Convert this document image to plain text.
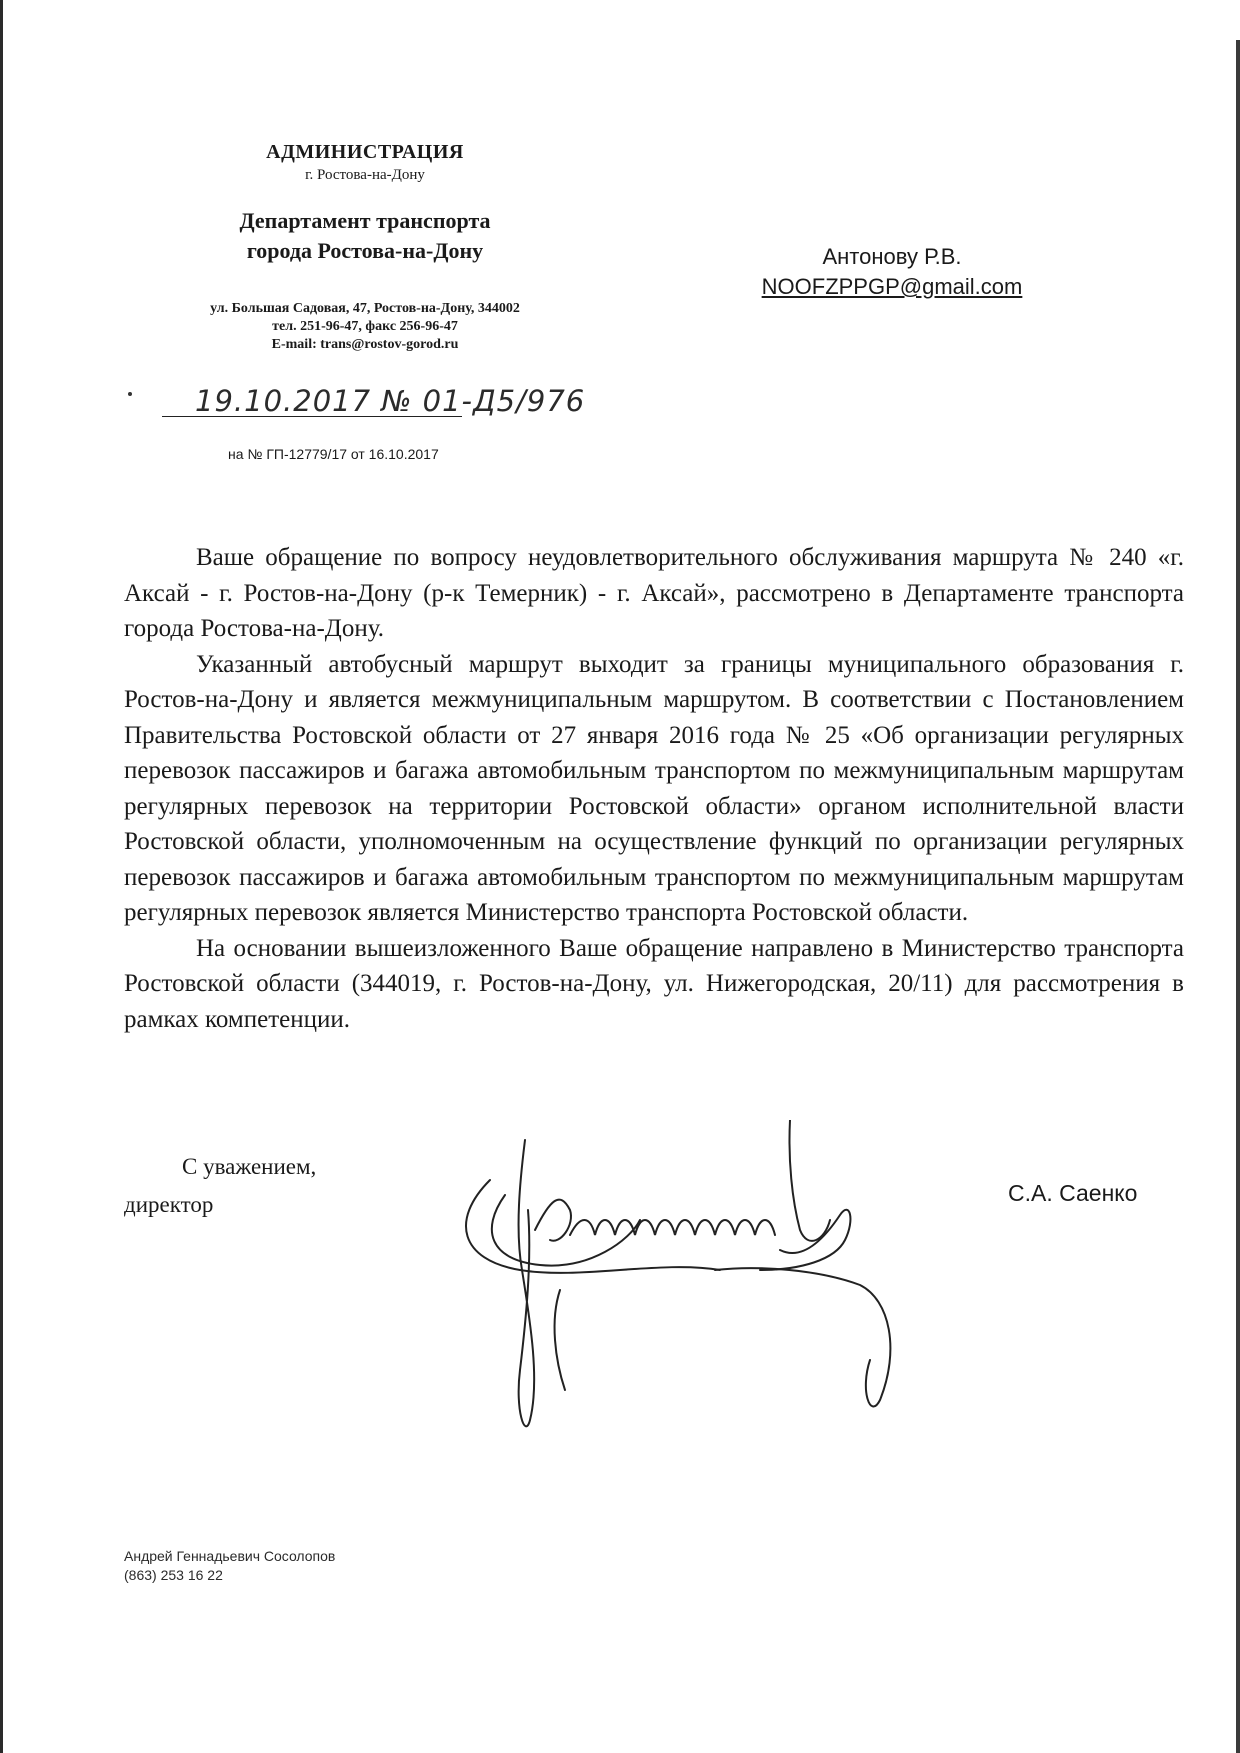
АДМИНИСТРАЦИЯ
г. Ростова-на-Дону
Департамент транспорта
города Ростова-на-Дону
ул. Большая Садовая, 47, Ростов-на-Дону, 344002
тел. 251-96-47, факс 256-96-47
E-mail: trans@rostov-gorod.ru
19.10.2017 № 01-Д5/976
на № ГП-12779/17 от 16.10.2017
Антонову Р.В.
NOOFZPPGP@gmail.com

Ваше обращение по вопросу неудовлетворительного обслуживания маршрута № 240 «г. Аксай - г. Ростов-на-Дону (р-к Темерник) - г. Аксай», рассмотрено в Департаменте транспорта города Ростова-на-Дону.

Указанный автобусный маршрут выходит за границы муниципального образования г. Ростов-на-Дону и является межмуниципальным маршрутом. В соответствии с Постановлением Правительства Ростовской области от 27 января 2016 года № 25 «Об организации регулярных перевозок пассажиров и багажа автомобильным транспортом по межмуниципальным маршрутам регулярных перевозок на территории Ростовской области» органом исполнительной власти Ростовской области, уполномоченным на осуществление функций по организации регулярных перевозок пассажиров и багажа автомобильным транспортом по межмуниципальным маршрутам регулярных перевозок является Министерство транспорта Ростовской области.

На основании вышеизложенного Ваше обращение направлено в Министерство транспорта Ростовской области (344019, г. Ростов-на-Дону, ул. Нижегородская, 20/11) для рассмотрения в рамках компетенции.

С уважением,
директор	С.А. Саенко
Андрей Геннадьевич Сосолопов
(863) 253 16 22
